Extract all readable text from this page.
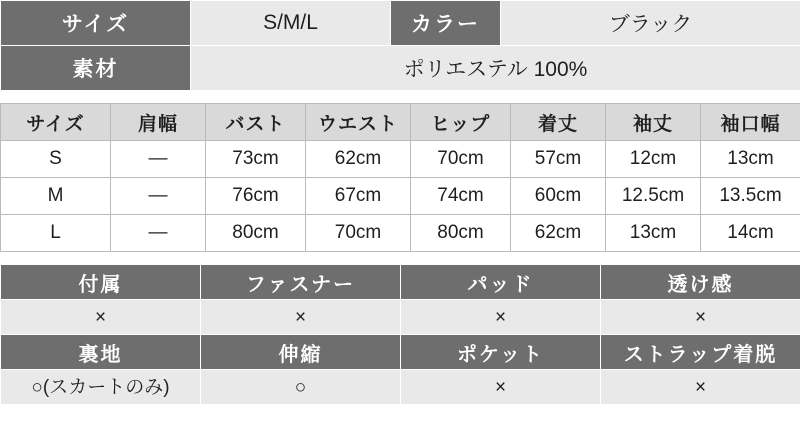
サイズ	S/M/L	カラー	ブラック
素材	ポリエステル 100%		
サイズ	肩幅	バスト	ウエスト	ヒップ	着丈	袖丈	袖口幅
S	—	73cm	62cm	70cm	57cm	12cm	13cm
M	—	76cm	67cm	74cm	60cm	12.5cm	13.5cm
L	—	80cm	70cm	80cm	62cm	13cm	14cm
付属	ファスナー	パッド	透け感
×	×	×	×
裏地	伸縮	ポケット	ストラップ着脱
○(スカートのみ)	○	×	×
